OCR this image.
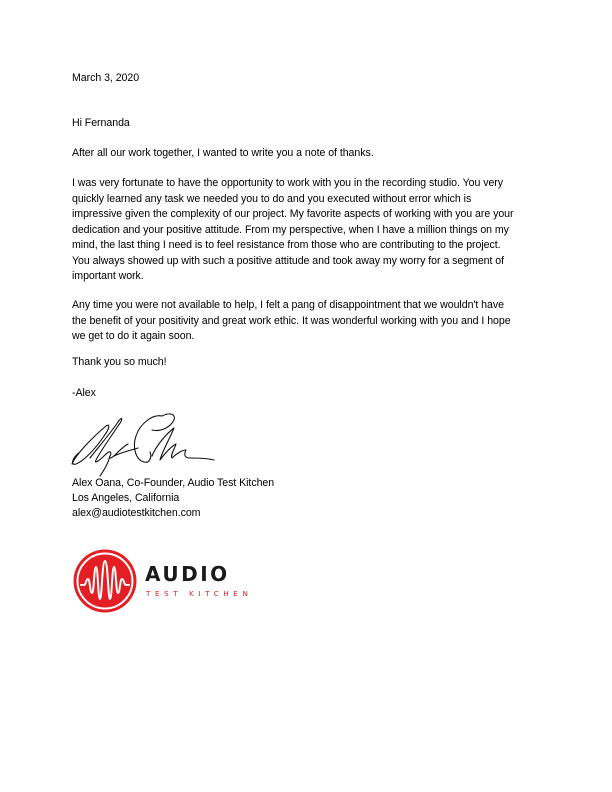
March 3, 2020
Hi Fernanda
After all our work together, I wanted to write you a note of thanks.
I was very fortunate to have the opportunity to work with you in the recording studio. You very
quickly learned any task we needed you to do and you executed without error which is
impressive given the complexity of our project. My favorite aspects of working with you are your
dedication and your positive attitude. From my perspective, when I have a million things on my
mind, the last thing I need is to feel resistance from those who are contributing to the project.
You always showed up with such a positive attitude and took away my worry for a segment of
important work.
Any time you were not available to help, I felt a pang of disappointment that we wouldn't have
the benefit of your positivity and great work ethic. It was wonderful working with you and I hope
we get to do it again soon.
Thank you so much!
-Alex
Alex Oana, Co-Founder, Audio Test Kitchen
Los Angeles, California
alex@audiotestkitchen.com
AUDIO
TEST KITCHEN
